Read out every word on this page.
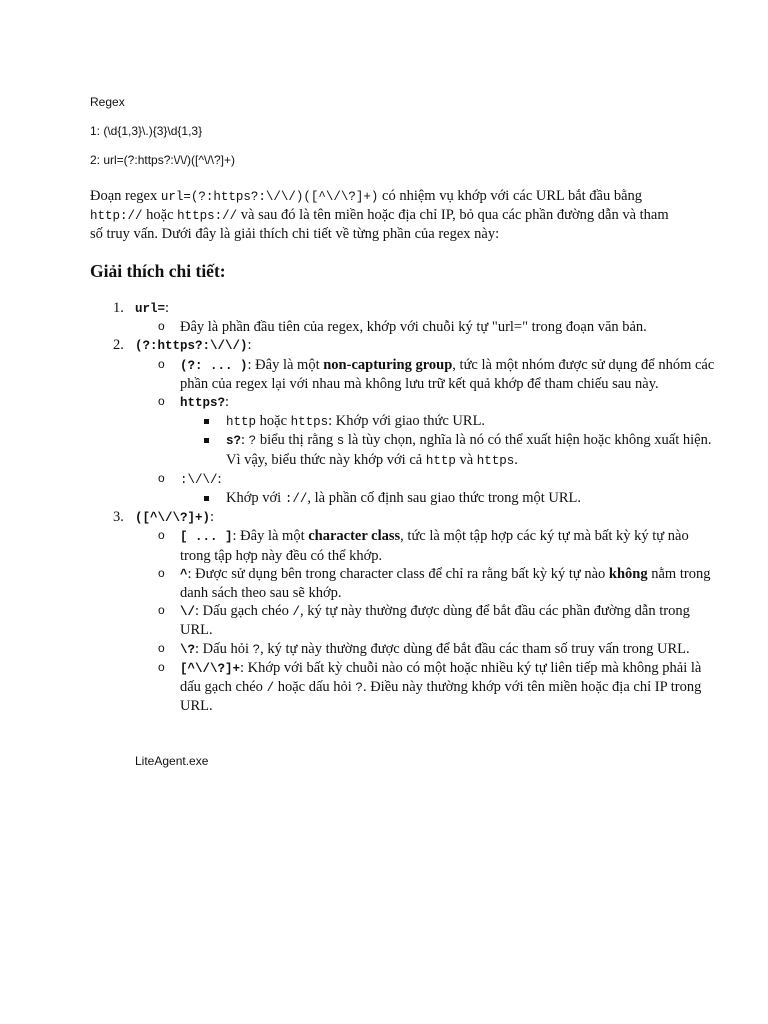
Regex
1: (\d{1,3}\.){3}\d{1,3}
2: url=(?:https?:\/\/)([^\/\?]+)

Đoạn regex url=(?:https?:\/\/)([^\/\?]+) có nhiệm vụ khớp với các URL bắt đầu bằng http:// hoặc https:// và sau đó là tên miền hoặc địa chỉ IP, bỏ qua các phần đường dẫn và tham số truy vấn. Dưới đây là giải thích chi tiết về từng phần của regex này:

Giải thích chi tiết:
1. url=:
o Đây là phần đầu tiên của regex, khớp với chuỗi ký tự "url=" trong đoạn văn bản.
2. (?:https?:\/\/):
o (?: ... ): Đây là một non-capturing group, tức là một nhóm được sử dụng để nhóm các phần của regex lại với nhau mà không lưu trữ kết quả khớp để tham chiếu sau này.
o https?:
http hoặc https: Khớp với giao thức URL.
s?: ? biểu thị rằng s là tùy chọn, nghĩa là nó có thể xuất hiện hoặc không xuất hiện. Vì vậy, biểu thức này khớp với cả http và https.
o :\/\/:
Khớp với ://, là phần cố định sau giao thức trong một URL.
3. ([^\/\?]+):
o [ ... ]: Đây là một character class, tức là một tập hợp các ký tự mà bất kỳ ký tự nào trong tập hợp này đều có thể khớp.
o ^: Được sử dụng bên trong character class để chỉ ra rằng bất kỳ ký tự nào không nằm trong danh sách theo sau sẽ khớp.
o \/: Dấu gạch chéo /, ký tự này thường được dùng để bắt đầu các phần đường dẫn trong URL.
o \?: Dấu hỏi ?, ký tự này thường được dùng để bắt đầu các tham số truy vấn trong URL.
o [^\/\?]+: Khớp với bất kỳ chuỗi nào có một hoặc nhiều ký tự liên tiếp mà không phải là dấu gạch chéo / hoặc dấu hỏi ?. Điều này thường khớp với tên miền hoặc địa chỉ IP trong URL.
LiteAgent.exe
